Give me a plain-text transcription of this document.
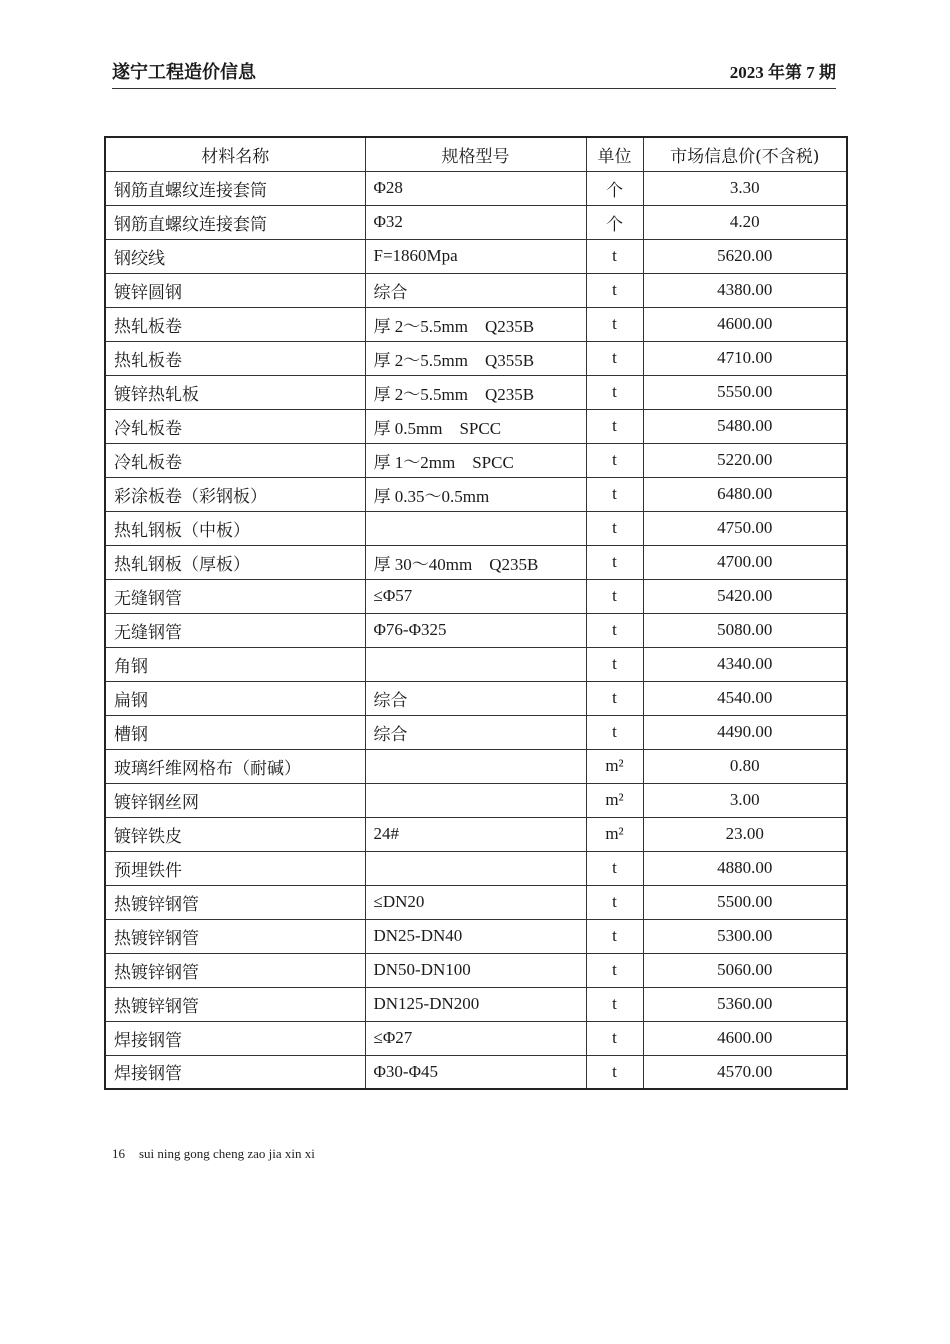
遂宁工程造价信息	2023 年第 7 期
材料名称	规格型号	单位	市场信息价(不含税)
钢筋直螺纹连接套筒	Φ28	个	3.30
钢筋直螺纹连接套筒	Φ32	个	4.20
钢绞线	F=1860Mpa	t	5620.00
镀锌圆钢	综合	t	4380.00
热轧板卷	厚 2～5.5mm　Q235B	t	4600.00
热轧板卷	厚 2～5.5mm　Q355B	t	4710.00
镀锌热轧板	厚 2～5.5mm　Q235B	t	5550.00
冷轧板卷	厚 0.5mm　SPCC	t	5480.00
冷轧板卷	厚 1～2mm　SPCC	t	5220.00
彩涂板卷（彩钢板）	厚 0.35～0.5mm	t	6480.00
热轧钢板（中板）		t	4750.00
热轧钢板（厚板）	厚 30～40mm　Q235B	t	4700.00
无缝钢管	≤Φ57	t	5420.00
无缝钢管	Φ76-Φ325	t	5080.00
角钢		t	4340.00
扁钢	综合	t	4540.00
槽钢	综合	t	4490.00
玻璃纤维网格布（耐碱）		m²	0.80
镀锌钢丝网		m²	3.00
镀锌铁皮	24#	m²	23.00
预埋铁件		t	4880.00
热镀锌钢管	≤DN20	t	5500.00
热镀锌钢管	DN25-DN40	t	5300.00
热镀锌钢管	DN50-DN100	t	5060.00
热镀锌钢管	DN125-DN200	t	5360.00
焊接钢管	≤Φ27	t	4600.00
焊接钢管	Φ30-Φ45	t	4570.00
16 sui ning gong cheng zao jia xin xi
